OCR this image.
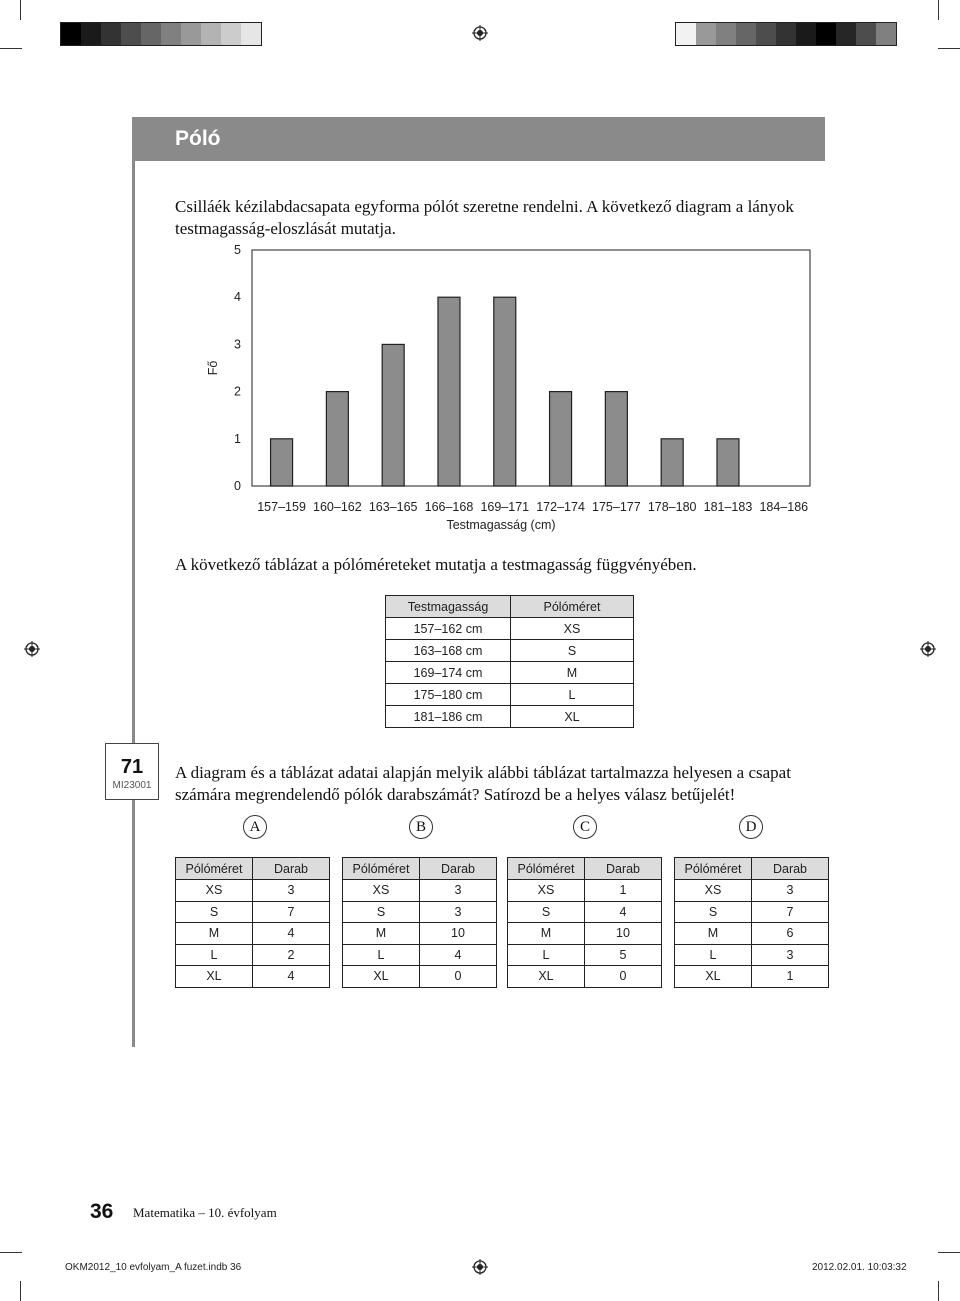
Póló
Csilláék kézilabdacsapata egyforma pólót szeretne rendelni. A következő diagram a lányok
testmagasság-eloszlását mutatja.
0
1
2
3
4
5
Fő
157–159 160–162 163–165 166–168 169–171 172–174 175–177 178–180 181–183 184–186
Testmagasság (cm)
A következő táblázat a pólóméreteket mutatja a testmagasság függvényében.
Testmagasság	Pólóméret
157–162 cm	XS
163–168 cm	S
169–174 cm	M
175–180 cm	L
181–186 cm	XL
71
MI23001
A diagram és a táblázat adatai alapján melyik alábbi táblázat tartalmazza helyesen a csapat
számára megrendelendő pólók darabszámát? Satírozd be a helyes válasz betűjelét!
A	B	C	D
Pólóméret	Darab
XS	3
S	7
M	4
L	2
XL	4
Pólóméret	Darab
XS	3
S	3
M	10
L	4
XL	0
Pólóméret	Darab
XS	1
S	4
M	10
L	5
XL	0
Pólóméret	Darab
XS	3
S	7
M	6
L	3
XL	1
36 Matematika – 10. évfolyam
OKM2012_10 evfolyam_A fuzet.indb 36	2012.02.01. 10:03:32
